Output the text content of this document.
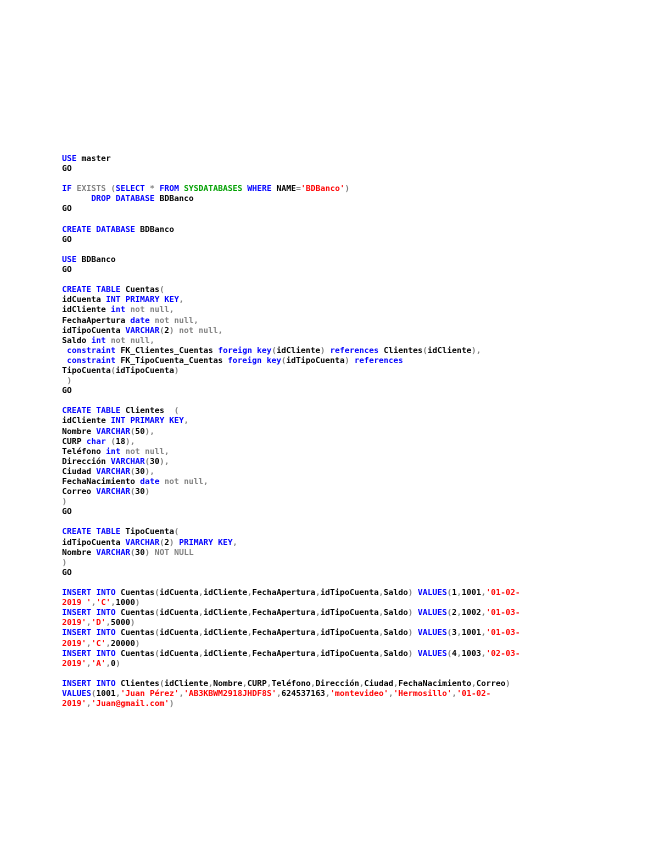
USE master
GO
IF EXISTS (SELECT * FROM SYSDATABASES WHERE NAME='BDBanco')
DROP DATABASE BDBanco
GO
CREATE DATABASE BDBanco
GO
USE BDBanco
GO
CREATE TABLE Cuentas(
idCuenta INT PRIMARY KEY,
idCliente int not null,
FechaApertura date not null,
idTipoCuenta VARCHAR(2) not null,
Saldo int not null,
constraint FK_Clientes_Cuentas foreign key(idCliente) references Clientes(idCliente),
constraint FK_TipoCuenta_Cuentas foreign key(idTipoCuenta) references
TipoCuenta(idTipoCuenta)
)
GO
CREATE TABLE Clientes  (
idCliente INT PRIMARY KEY,
Nombre VARCHAR(50),
CURP char (18),
Teléfono int not null,
Dirección VARCHAR(30),
Ciudad VARCHAR(30),
FechaNacimiento date not null,
Correo VARCHAR(30)
)
GO
CREATE TABLE TipoCuenta(
idTipoCuenta VARCHAR(2) PRIMARY KEY,
Nombre VARCHAR(30) NOT NULL
)
GO
INSERT INTO Cuentas(idCuenta,idCliente,FechaApertura,idTipoCuenta,Saldo) VALUES(1,1001,'01-02-
2019 ','C',1000)
INSERT INTO Cuentas(idCuenta,idCliente,FechaApertura,idTipoCuenta,Saldo) VALUES(2,1002,'01-03-
2019','D',5000)
INSERT INTO Cuentas(idCuenta,idCliente,FechaApertura,idTipoCuenta,Saldo) VALUES(3,1001,'01-03-
2019','C',20000)
INSERT INTO Cuentas(idCuenta,idCliente,FechaApertura,idTipoCuenta,Saldo) VALUES(4,1003,'02-03-
2019','A',0)
INSERT INTO Clientes(idCliente,Nombre,CURP,Teléfono,Dirección,Ciudad,FechaNacimiento,Correo)
VALUES(1001,'Juan Pérez','AB3KBWM2918JHDF8S',624537163,'montevideo','Hermosillo','01-02-
2019','Juan@gmail.com')
